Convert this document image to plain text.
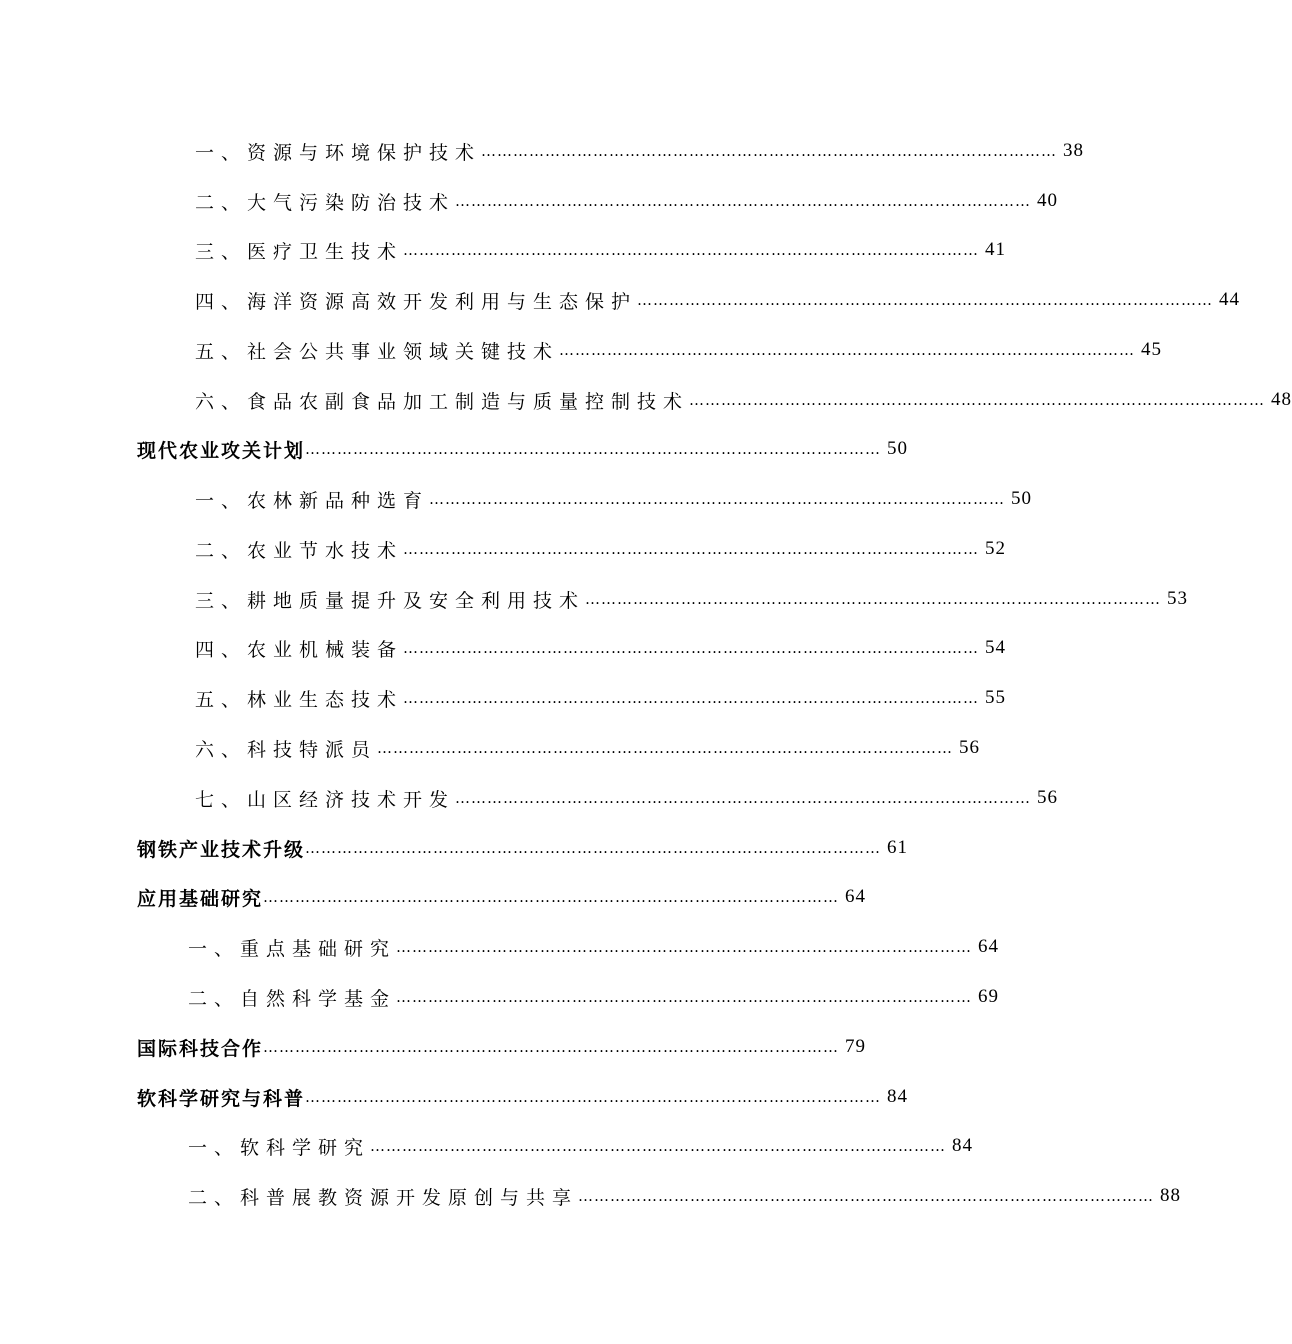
一、资源与环境保护技术 ……………………………………………………………………………………………… 38
二、大气污染防治技术 ……………………………………………………………………………………………… 40
三、医疗卫生技术 ……………………………………………………………………………………………… 41
四、海洋资源高效开发利用与生态保护 ……………………………………………………………………………………………… 44
五、社会公共事业领域关键技术 ……………………………………………………………………………………………… 45
六、食品农副食品加工制造与质量控制技术 ……………………………………………………………………………………………… 48
现代农业攻关计划 ……………………………………………………………………………………………… 50
一、农林新品种选育 ……………………………………………………………………………………………… 50
二、农业节水技术 ……………………………………………………………………………………………… 52
三、耕地质量提升及安全利用技术 ……………………………………………………………………………………………… 53
四、农业机械装备 ……………………………………………………………………………………………… 54
五、林业生态技术 ……………………………………………………………………………………………… 55
六、科技特派员 ……………………………………………………………………………………………… 56
七、山区经济技术开发 ……………………………………………………………………………………………… 56
钢铁产业技术升级 ……………………………………………………………………………………………… 61
应用基础研究 ……………………………………………………………………………………………… 64
一、重点基础研究 ……………………………………………………………………………………………… 64
二、自然科学基金 ……………………………………………………………………………………………… 69
国际科技合作 ……………………………………………………………………………………………… 79
软科学研究与科普 ……………………………………………………………………………………………… 84
一、软科学研究 ……………………………………………………………………………………………… 84
二、科普展教资源开发原创与共享 ……………………………………………………………………………………………… 88
